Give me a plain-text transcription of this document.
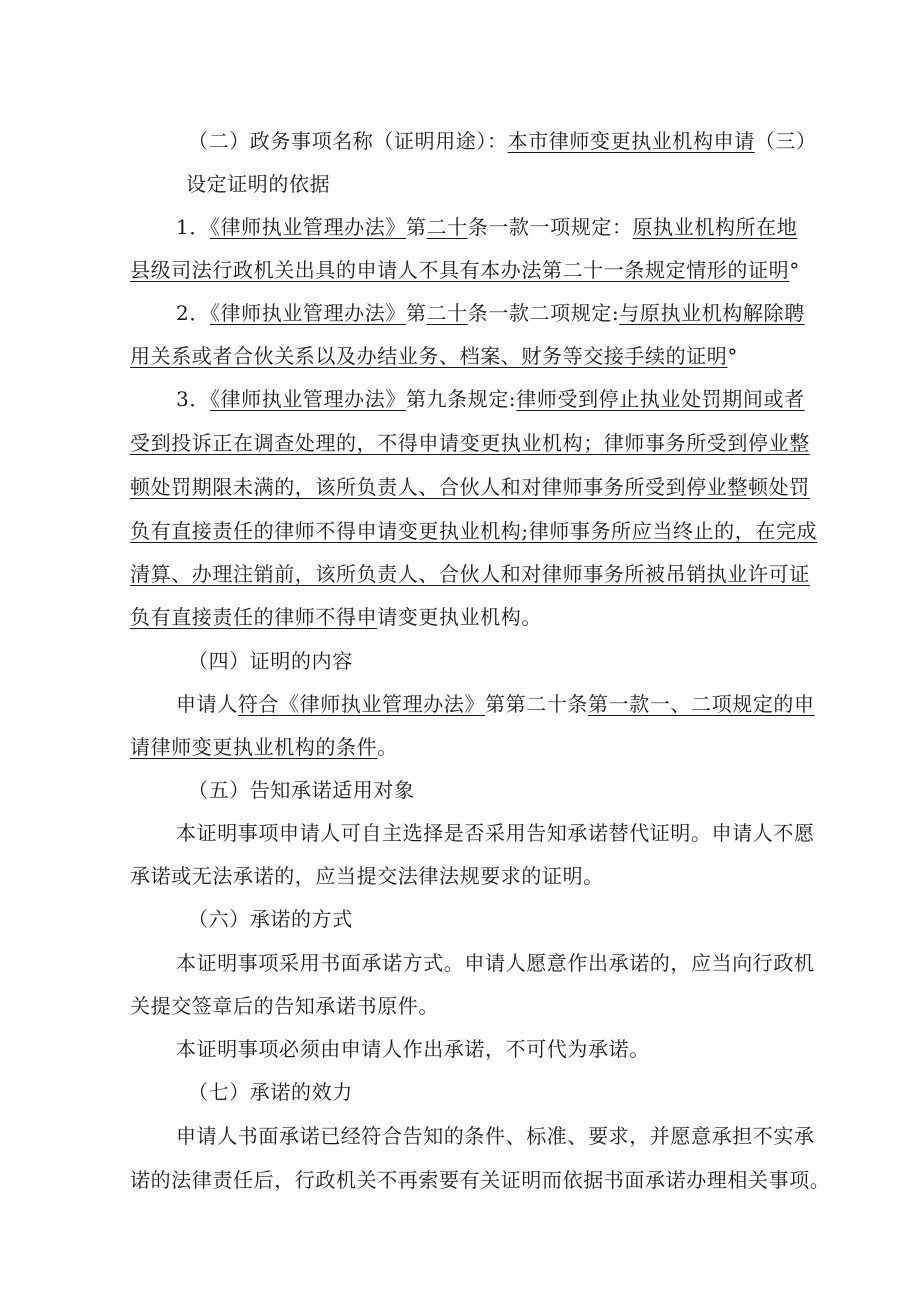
（二）政务事项名称（证明用途）：本市律师变更执业机构申请（三）
设定证明的依据
1．《律师执业管理办法》第二十条一款一项规定：原执业机构所在地
县级司法行政机关出具的申请人不具有本办法第二十一条规定情形的证明°
2．《律师执业管理办法》第二十条一款二项规定:与原执业机构解除聘
用关系或者合伙关系以及办结业务、档案、财务等交接手续的证明°
3．《律师执业管理办法》第九条规定:律师受到停止执业处罚期间或者
受到投诉正在调查处理的，不得申请变更执业机构；律师事务所受到停业整
顿处罚期限未满的，该所负责人、合伙人和对律师事务所受到停业整顿处罚
负有直接责任的律师不得申请变更执业机构;律师事务所应当终止的，在完成
清算、办理注销前，该所负责人、合伙人和对律师事务所被吊销执业许可证
负有直接责任的律师不得申请变更执业机构。
（四）证明的内容
申请人符合《律师执业管理办法》第第二十条第一款一、二项规定的申
请律师变更执业机构的条件。
（五）告知承诺适用对象
本证明事项申请人可自主选择是否采用告知承诺替代证明。申请人不愿
承诺或无法承诺的，应当提交法律法规要求的证明。
（六）承诺的方式
本证明事项采用书面承诺方式。申请人愿意作出承诺的，应当向行政机
关提交签章后的告知承诺书原件。
本证明事项必须由申请人作出承诺，不可代为承诺。
（七）承诺的效力
申请人书面承诺已经符合告知的条件、标准、要求，并愿意承担不实承
诺的法律责任后，行政机关不再索要有关证明而依据书面承诺办理相关事项。
